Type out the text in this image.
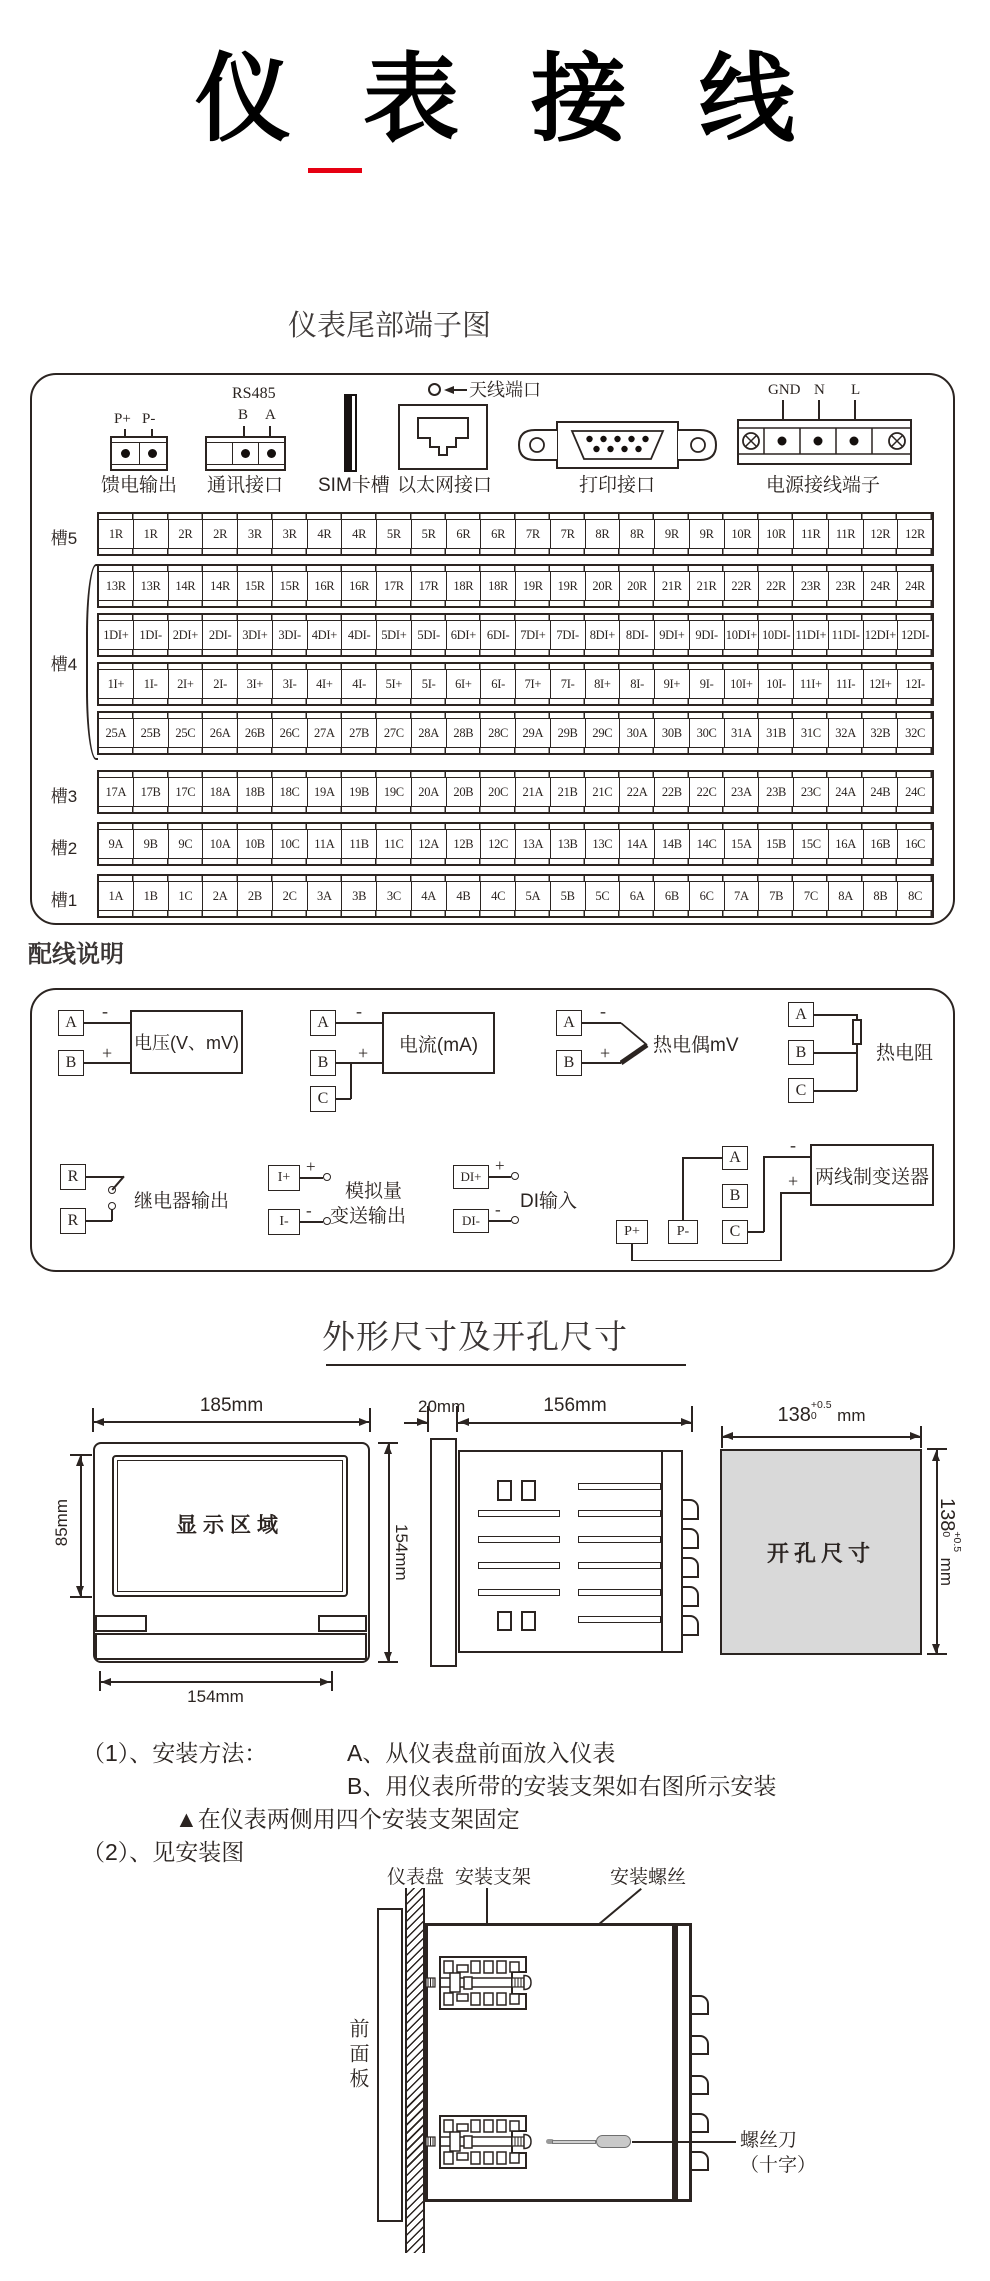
仪表接线
仪表尾部端子图
P+ P-
馈电输出
RS485
B A
通讯接口 SIM卡槽 以太网接口
天线端口
打印接口
GND N L
电源接线端子
槽5
槽4
槽3
槽2
槽1
1R	1R	2R	2R	3R	3R	4R	4R	5R	5R	6R	6R	7R	7R	8R	8R	9R	9R	10R	10R	11R	11R	12R	12R
13R	13R	14R	14R	15R	15R	16R	16R	17R	17R	18R	18R	19R	19R	20R	20R	21R	21R	22R	22R	23R	23R	24R	24R
1DI+ 1DI- 2DI+ 2DI- 3DI+ 3DI- 4DI+ 4DI- 5DI+ 5DI- 6DI+ 6DI- 7DI+ 7DI- 8DI+ 8DI- 9DI+ 9DI- 10DI+ 10DI- 11DI+ 11DI- 12DI+ 12DI-
1I+	1I-	2I+	2I-	3I+	3I-	4I+	4I-	5I+	5I-	6I+	6I-	7I+	7I-	8I+	8I-	9I+	9I-	10I+	10I-	11I+	11I-	12I+	12I-
25A	25B	25C	26A	26B	26C	27A	27B	27C	28A	28B	28C	29A	29B	29C	30A	30B	30C	31A	31B	31C	32A	32B	32C
17A	17B	17C	18A	18B	18C	19A	19B	19C	20A	20B	20C	21A	21B	21C	22A	22B	22C	23A	23B	23C	24A	24B	24C
9A	9B	9C	10A	10B	10C	11A	11B	11C	12A	12B	12C	13A	13B	13C	14A	14B	14C	15A	15B	15C	16A	16B	16C
1A	1B	1C	2A	2B	2C	3A	3B	3C	4A	4B	4C	5A	5B	5C	6A	6B	6C	7A	7B	7C	8A	8B	8C
配线说明
A
B
-
+ 电压(V、mV)
A
B
C
-
+	电流(mA)
A
B
-
+ 热电偶mV
A
B
C
热电阻
R
R
继电器输出
I+
I-
+
-
模拟量
变送输出
DI+
DI-
+
- DI输入
A
B
C
P+	P-
-
+ 两线制变送器
外形尺寸及开孔尺寸
185mm
显示区域
85mm
154mm
154mm
20mm	156mm	138 +0.5
0	mm
开孔尺寸
138
+0.5
0
mm
（1）、安装方法：	A、从仪表盘前面放入仪表
B、用仪表所带的安装支架如右图所示安装
▲在仪表两侧用四个安装支架固定
（2）、见安装图
仪表盘 安装支架	安装螺丝
前面板
螺丝刀
（十字）
